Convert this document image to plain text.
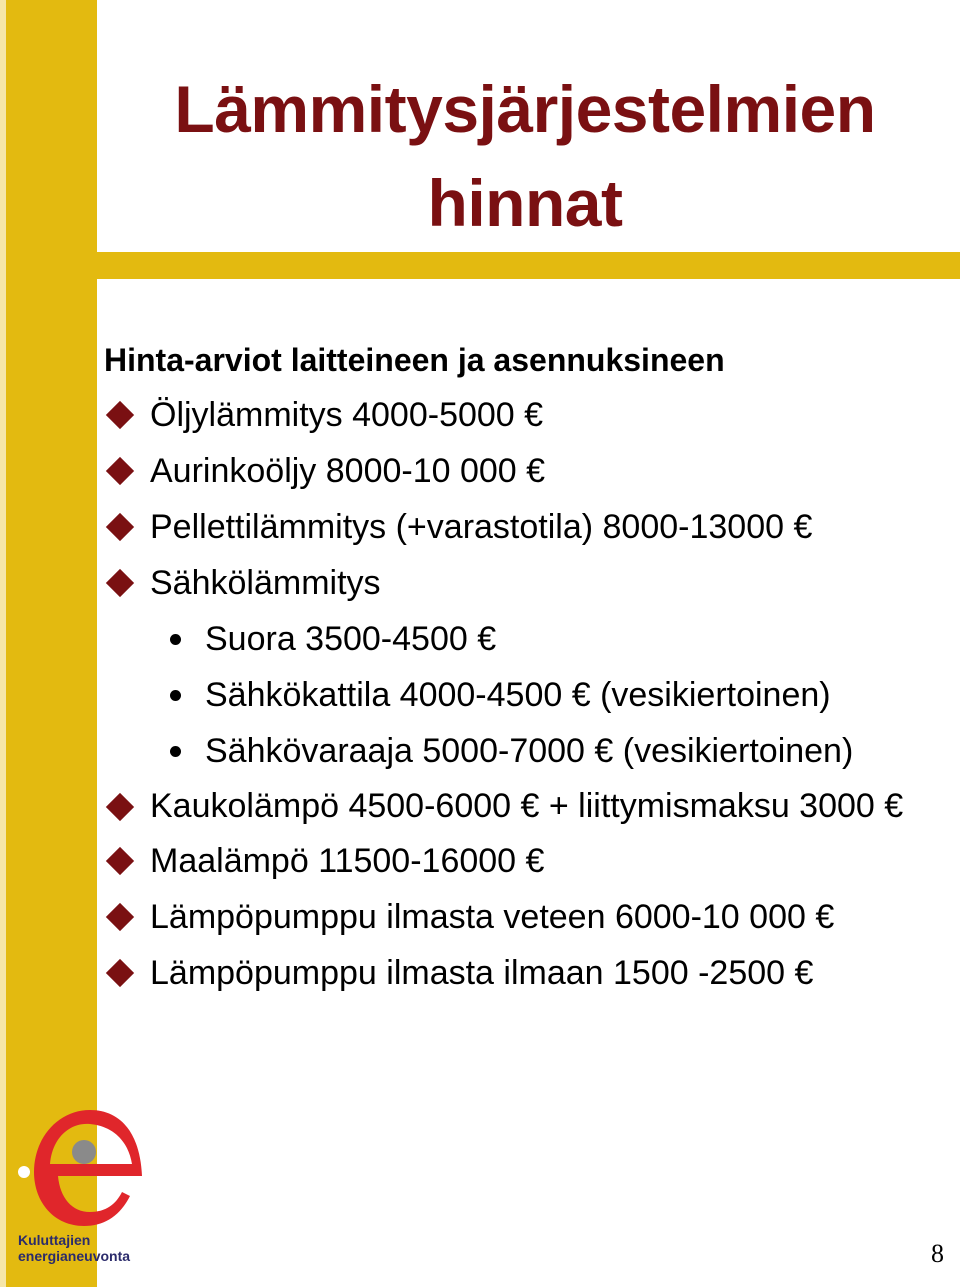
Lämmitysjärjestelmien
hinnat
Hinta-arviot laitteineen ja asennuksineen
Öljylämmitys 4000-5000 €
Aurinkoöljy 8000-10 000 €
Pellettilämmitys (+varastotila) 8000-13000 €
Sähkölämmitys
Suora 3500-4500 €
Sähkökattila 4000-4500 € (vesikiertoinen)
Sähkövaraaja 5000-7000 € (vesikiertoinen)
Kaukolämpö 4500-6000 € + liittymismaksu 3000 €
Maalämpö 11500-16000 €
Lämpöpumppu ilmasta veteen 6000-10 000 €
Lämpöpumppu ilmasta ilmaan 1500 -2500 €
Kuluttajien
energianeuvonta	8
